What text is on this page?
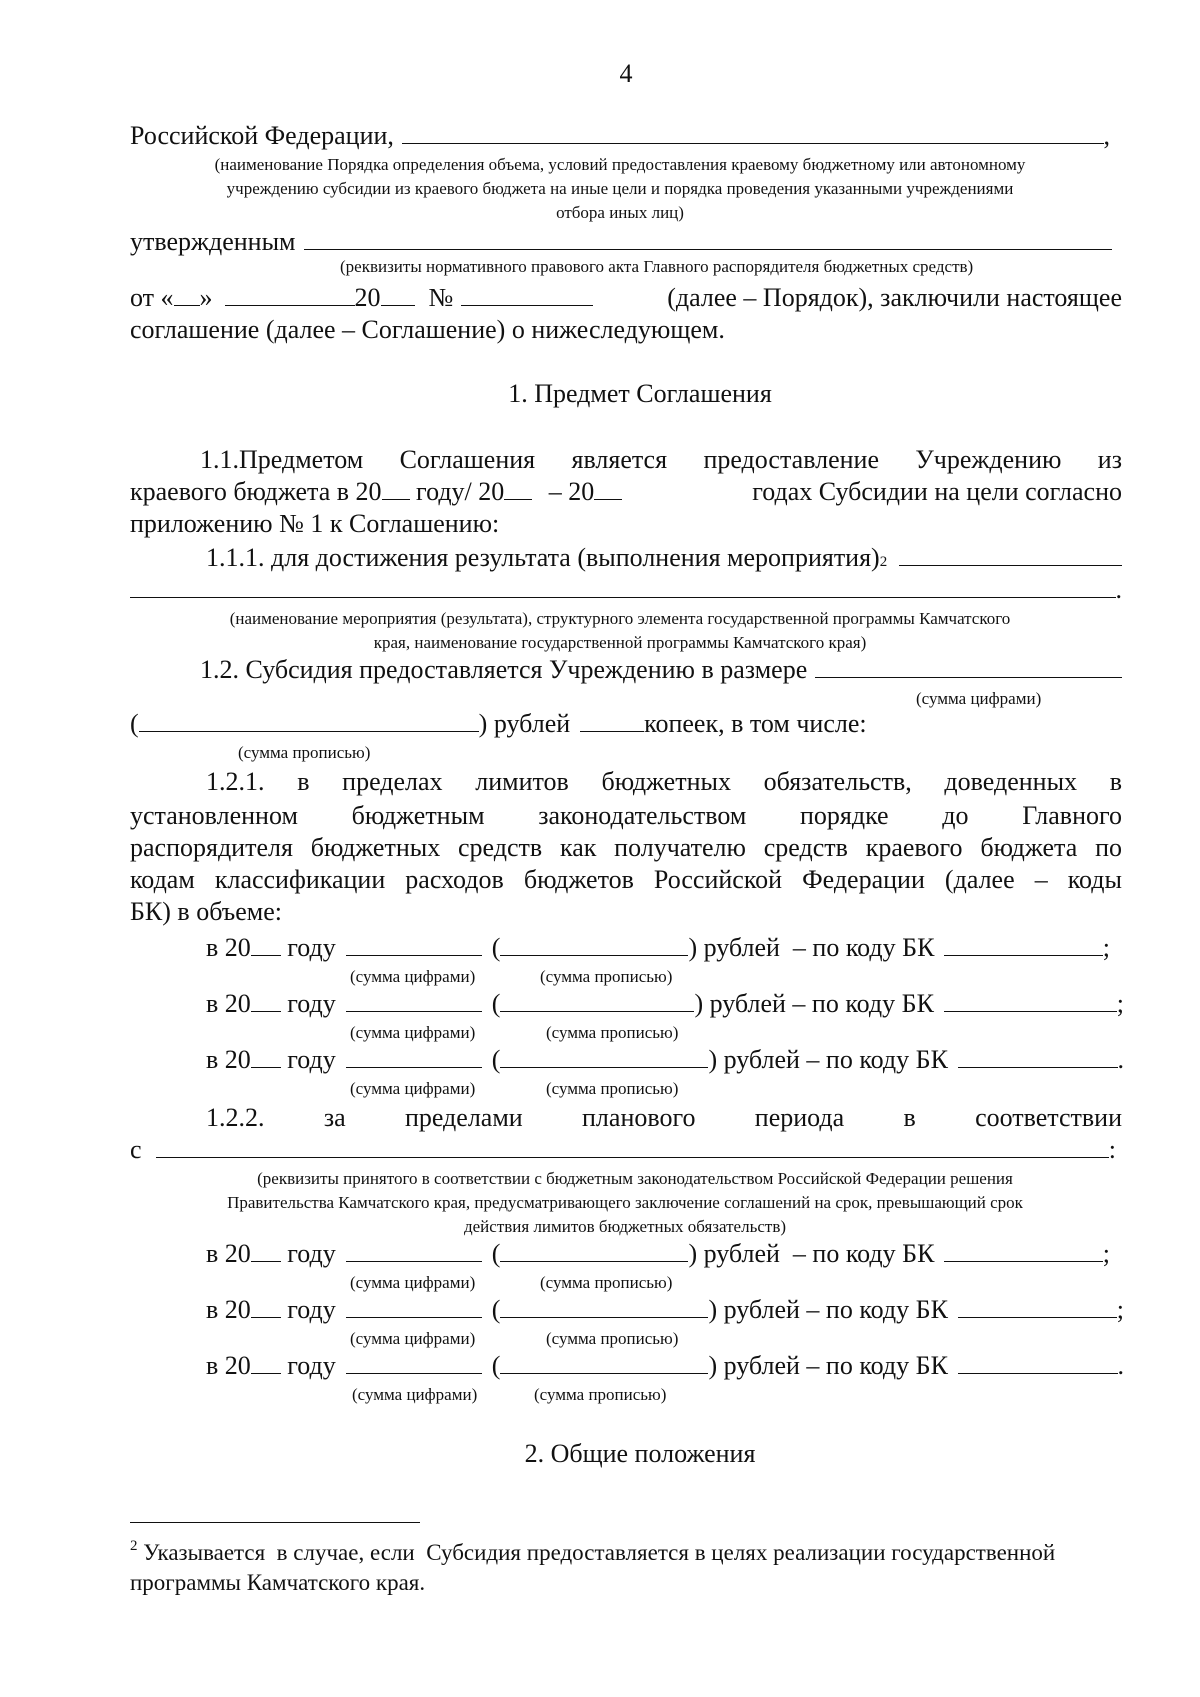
4
Российской Федерации,	,
(наименование Порядка определения объема, условий предоставления краевому бюджетному или автономному
учреждению субсидии из краевого бюджета на иные цели и порядка проведения указанными учреждениями
отбора иных лиц)
утвержденным
(реквизиты нормативного правового акта Главного распорядителя бюджетных средств)
от « »	20 №	(далее – Порядок), заключили настоящее
соглашение (далее – Соглашение) о нижеследующем.
1. Предмет Соглашения
1.1.Предметом Соглашения является предоставление Учреждению из
краевого бюджета в 20 году/ 20 – 20	годах Субсидии на цели согласно
приложению № 1 к Соглашению:
1.1.1. для достижения результата (выполнения мероприятия) 2
.
(наименование мероприятия (результата), структурного элемента государственной программы Камчатского
края, наименование государственной программы Камчатского края)
1.2. Субсидия предоставляется Учреждению в размере
(сумма цифрами)
(	) рублей	копеек, в том числе:
(сумма прописью)
1.2.1. в пределах лимитов бюджетных обязательств, доведенных в
установленном бюджетным законодательством порядке до Главного
распорядителя бюджетных средств как получателю средств краевого бюджета по
кодам классификации расходов бюджетов Российской Федерации (далее – коды
БК) в объеме:
в 20 году	(	) рублей  – по коду БК	;
(сумма цифрами)	(сумма прописью)
в 20 году	(	) рублей – по коду БК	;
(сумма цифрами)	(сумма прописью)
в 20 году	(	) рублей – по коду БК	.
(сумма цифрами)	(сумма прописью)
1.2.2. за пределами планового периода в соответствии
с	:
(реквизиты принятого в соответствии с бюджетным законодательством Российской Федерации решения
Правительства Камчатского края, предусматривающего заключение соглашений на срок, превышающий срок
действия лимитов бюджетных обязательств)
в 20 году	(	) рублей  – по коду БК	;
(сумма цифрами)	(сумма прописью)
в 20 году	(	) рублей – по коду БК	;
(сумма цифрами)	(сумма прописью)
в 20 году	(	) рублей – по коду БК	.
(сумма цифрами)	(сумма прописью)
2. Общие положения
$^2$ Указывается  в случае, если  Субсидия предоставляется в целях реализации государственной
программы Камчатского края.
